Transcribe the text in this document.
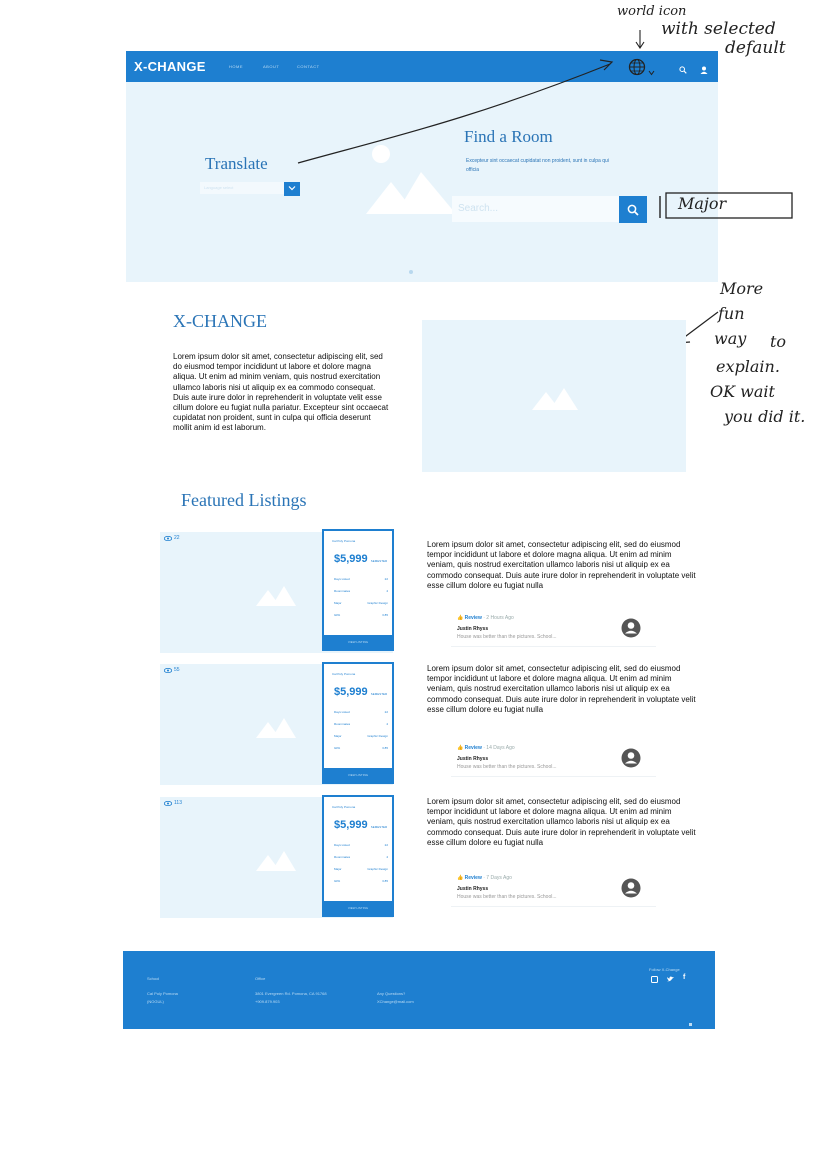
X-CHANGE	HOME	ABOUT	CONTACT
Translate
Language select
Find a Room
Excepteur sint occaecat cupidatat non proident, sunt in culpa qui officia
Search...
world icon
with selected
default
Major
More
fun
way	to
explain.
OK wait
you did it.
X-CHANGE
Lorem ipsum dolor sit amet, consectetur adipiscing elit, sed do eiusmod tempor incididunt ut labore et dolore magna aliqua. Ut enim ad minim veniam, quis nostrud exercitation ullamco laboris nisi ut aliquip ex ea commodo consequat. Duis aute irure dolor in reprehenderit in voluptate velit esse cillum dolore eu fugiat nulla pariatur. Excepteur sint occaecat cupidatat non proident, sunt in culpa qui officia deserunt mollit anim id est laborum.
Featured Listings
22	Cal Poly Pomona
$5,999 SEMESTER
Days Listed	22
Roommates	4
Major	Graphic Design
GPA	3.85
VIEW LISTING
Lorem ipsum dolor sit amet, consectetur adipiscing elit, sed do eiusmod tempor incididunt ut labore et dolore magna aliqua. Ut enim ad minim veniam, quis nostrud exercitation ullamco laboris nisi ut aliquip ex ea commodo consequat. Duis aute irure dolor in reprehenderit in voluptate velit esse cillum dolore eu fugiat nulla
👍 Review · 2 Hours Ago
Justin Rhyss
House was better than the pictures. School...
55
Cal Poly Pomona
$5,999 SEMESTER
Days Listed	22
Roommates	4
Major	Graphic Design
GPA	3.85
VIEW LISTING
Lorem ipsum dolor sit amet, consectetur adipiscing elit, sed do eiusmod tempor incididunt ut labore et dolore magna aliqua. Ut enim ad minim veniam, quis nostrud exercitation ullamco laboris nisi ut aliquip ex ea commodo consequat. Duis aute irure dolor in reprehenderit in voluptate velit esse cillum dolore eu fugiat nulla
👍 Review · 14 Days Ago
Justin Rhyss
House was better than the pictures. School...
113
Cal Poly Pomona
$5,999 SEMESTER
Days Listed	22
Roommates	4
Major	Graphic Design
GPA	3.85
VIEW LISTING
Lorem ipsum dolor sit amet, consectetur adipiscing elit, sed do eiusmod tempor incididunt ut labore et dolore magna aliqua. Ut enim ad minim veniam, quis nostrud exercitation ullamco laboris nisi ut aliquip ex ea commodo consequat. Duis aute irure dolor in reprehenderit in voluptate velit esse cillum dolore eu fugiat nulla
👍 Review · 7 Days Ago
Justin Rhyss
House was better than the pictures. School...
School
Cal Poly Pomona
(NOGUL)
Office
3801 Evergreen Rd. Pomona, CA 91768
+909.879.903
Any Questions?
XChange@mail.com
Follow X-Change
f
